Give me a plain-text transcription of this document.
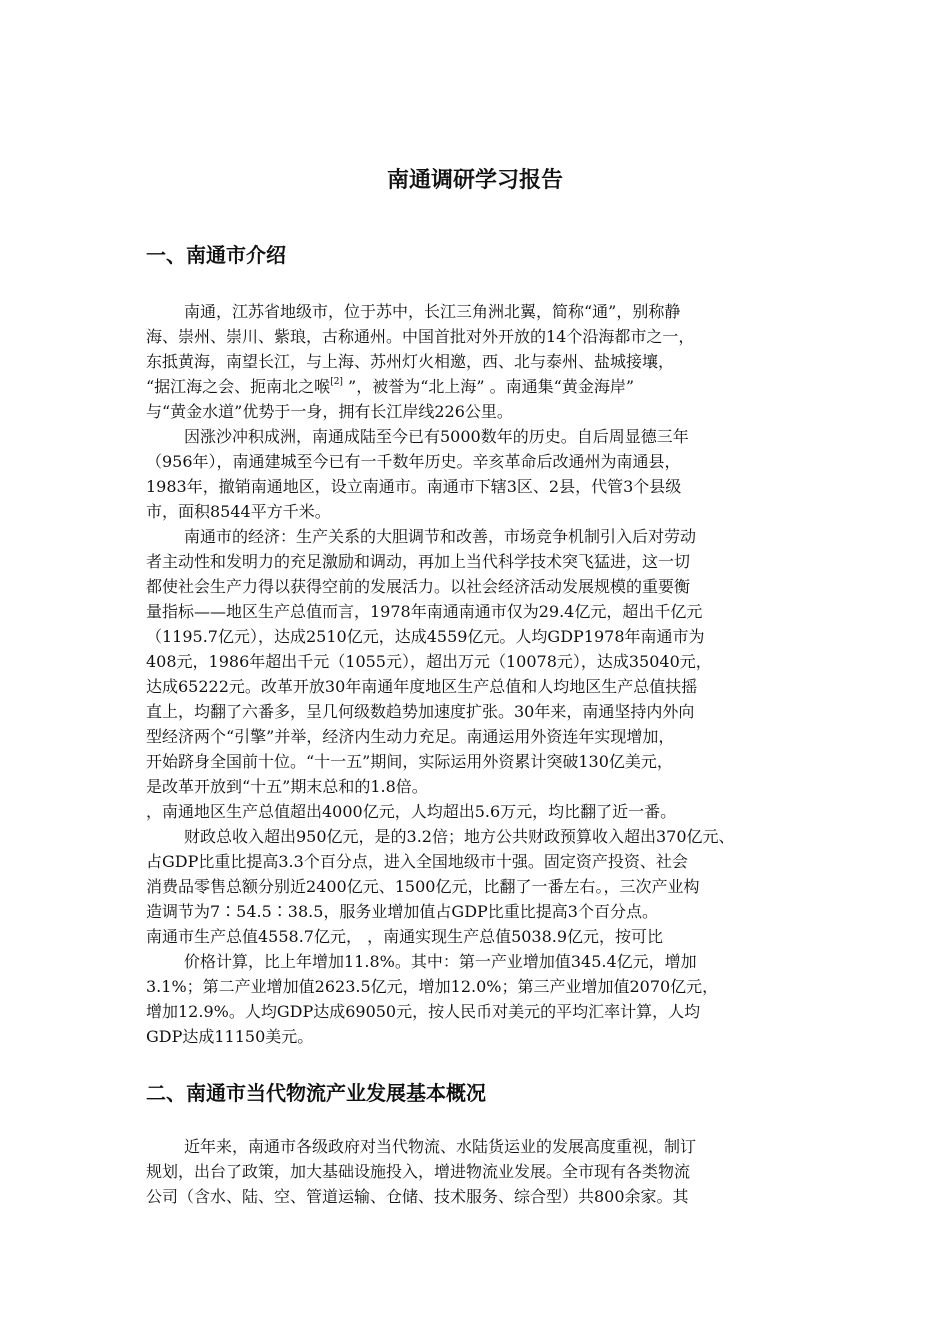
南通调研学习报告
一、南通市介绍
南通，江苏省地级市，位于苏中，长江三角洲北翼，简称“通”，别称静
海、崇州、崇川、紫琅，古称通州。中国首批对外开放的14个沿海都市之一，
东抵黄海，南望长江，与上海、苏州灯火相邀，西、北与泰州、盐城接壤，
“据江海之会、扼南北之喉[2] ”，被誉为“北上海” 。南通集“黄金海岸”
与“黄金水道”优势于一身，拥有长江岸线226公里。
因涨沙冲积成洲，南通成陆至今已有5000数年的历史。自后周显德三年
（956年），南通建城至今已有一千数年历史。辛亥革命后改通州为南通县，
1983年，撤销南通地区，设立南通市。南通市下辖3区、2县，代管3个县级
市，面积8544平方千米。
南通市的经济：生产关系的大胆调节和改善，市场竞争机制引入后对劳动
者主动性和发明力的充足激励和调动，再加上当代科学技术突飞猛进，这一切
都使社会生产力得以获得空前的发展活力。以社会经济活动发展规模的重要衡
量指标——地区生产总值而言，1978年南通南通市仅为29.4亿元，超出千亿元
（1195.7亿元），达成2510亿元，达成4559亿元。人均GDP1978年南通市为
408元，1986年超出千元（1055元），超出万元（10078元），达成35040元，
达成65222元。改革开放30年南通年度地区生产总值和人均地区生产总值扶摇
直上，均翻了六番多，呈几何级数趋势加速度扩张。30年来，南通坚持内外向
型经济两个“引擎”并举，经济内生动力充足。南通运用外资连年实现增加，
开始跻身全国前十位。“十一五”期间，实际运用外资累计突破130亿美元，
是改革开放到“十五”期末总和的1.8倍。
，南通地区生产总值超出4000亿元，人均超出5.6万元，均比翻了近一番。
财政总收入超出950亿元，是的3.2倍；地方公共财政预算收入超出370亿元、
占GDP比重比提高3.3个百分点，进入全国地级市十强。固定资产投资、社会
消费品零售总额分别近2400亿元、1500亿元，比翻了一番左右。，三次产业构
造调节为7∶54.5∶38.5，服务业增加值占GDP比重比提高3个百分点。
南通市生产总值4558.7亿元， ，南通实现生产总值5038.9亿元，按可比
价格计算，比上年增加11.8%。其中：第一产业增加值345.4亿元，增加
3.1%；第二产业增加值2623.5亿元，增加12.0%；第三产业增加值2070亿元，
增加12.9%。人均GDP达成69050元，按人民币对美元的平均汇率计算，人均
GDP达成11150美元。
二、南通市当代物流产业发展基本概况
近年来，南通市各级政府对当代物流、水陆货运业的发展高度重视，制订
规划，出台了政策，加大基础设施投入，增进物流业发展。全市现有各类物流
公司（含水、陆、空、管道运输、仓储、技术服务、综合型）共800余家。其
